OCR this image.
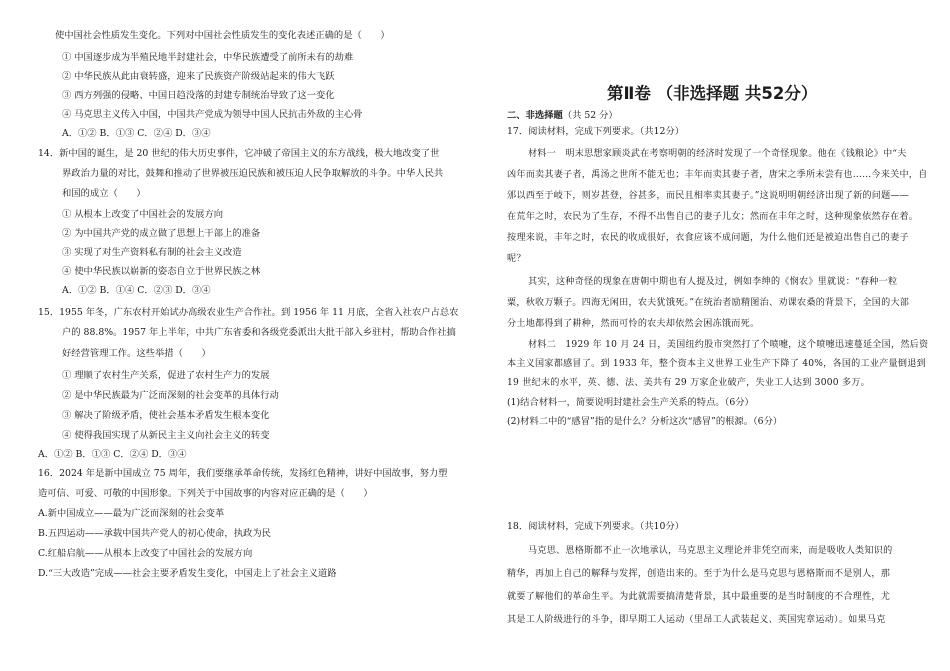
使中国社会性质发生变化。下列对中国社会性质发生的变化表述正确的是（　　）
① 中国逐步成为半殖民地半封建社会，中华民族遭受了前所未有的劫难
② 中华民族从此由衰转盛，迎来了民族资产阶级站起来的伟大飞跃
③ 西方列强的侵略、中国日趋没落的封建专制统治导致了这一变化
④ 马克思主义传入中国，中国共产党成为领导中国人民抗击外敌的主心骨
A．①② B．①③ C．②④ D．③④
14．新中国的诞生，是 20 世纪的伟大历史事件，它冲破了帝国主义的东方战线，极大地改变了世
界政治力量的对比，鼓舞和推动了世界被压迫民族和被压迫人民争取解放的斗争。中华人民共
和国的成立（　　）
① 从根本上改变了中国社会的发展方向
② 为中国共产党的成立做了思想上干部上的准备
③ 实现了对生产资料私有制的社会主义改造
④ 使中华民族以崭新的姿态自立于世界民族之林
A．①② B．①④ C．②③ D．③④
15．1955 年冬，广东农村开始试办高级农业生产合作社。到 1956 年 11 月底，全省入社农户占总农
户的 88.8%。1957 年上半年，中共广东省委和各级党委派出大批干部入乡驻村，帮助合作社搞
好经营管理工作。这些举措（　　）
① 理顺了农村生产关系，促进了农村生产力的发展
② 是中华民族最为广泛而深刻的社会变革的具体行动
③ 解决了阶级矛盾，使社会基本矛盾发生根本变化
④ 使得我国实现了从新民主主义向社会主义的转变
A．①② B．①③ C．②④ D．③④
16．2024 年是新中国成立 75 周年，我们要继承革命传统，发扬红色精神，讲好中国故事，努力塑
造可信、可爱、可敬的中国形象。下列关于中国故事的内容对应正确的是（　　）
A.新中国成立——最为广泛而深刻的社会变革
B.五四运动——承载中国共产党人的初心使命，执政为民
C.红船启航——从根本上改变了中国社会的发展方向
D.“三大改造”完成——社会主要矛盾发生变化，中国走上了社会主义道路
第Ⅱ卷 （非选择题 共52分）
二、非选择题（共 52 分）
17．阅读材料，完成下列要求。（共12分）
材料一　明末思想家顾炎武在考察明朝的经济时发现了一个奇怪现象。他在《钱粮论》中“夫
凶年而卖其妻子者，禹汤之世所不能无也；丰年而卖其妻子者，唐宋之季所未尝有也……今来关中，自
邠以西至于岐下，则岁甚登，谷甚多，而民且相率卖其妻子。”这说明明朝经济出现了新的问题——
在荒年之时，农民为了生存，不得不出售自己的妻子儿女；然而在丰年之时，这种现象依然存在着。
按理来说，丰年之时，农民的收成很好，衣食应该不成问题，为什么他们还是被迫出售自己的妻子
呢？
其实，这种奇怪的现象在唐朝中期也有人提及过，例如李绅的《悯农》里就说：“春种一粒
粟，秋收万颗子。四海无闲田，农夫犹饿死。”在统治者励精图治、劝课农桑的背景下，全国的大部
分土地都得到了耕种，然而可怜的农夫却依然会困冻饿而死。
材料二　1929 年 10 月 24 日，美国纽约股市突然打了个喷嚏，这个喷嚏迅速蔓延全国，然后资
本主义国家都感冒了。到 1933 年，整个资本主义世界工业生产下降了 40%，各国的工业产量倒退到
19 世纪末的水平，英、德、法、美共有 29 万家企业破产，失业工人达到 3000 多万。
(1)结合材料一，简要说明封建社会生产关系的特点。（6分）
(2)材料二中的“感冒”指的是什么？分析这次“感冒”的根源。（6分）
18．阅读材料，完成下列要求。（共10分）
马克思、恩格斯都不止一次地承认，马克思主义理论并非凭空而来，而是吸收人类知识的
精华，再加上自己的解释与发挥，创造出来的。至于为什么是马克思与恩格斯而不是别人，那
就要了解他们的革命生平。为此就需要搞清楚背景，其中最重要的是当时制度的不合理性，尤
其是工人阶级进行的斗争，即早期工人运动（里昂工人武装起义、英国宪章运动）。如果马克
